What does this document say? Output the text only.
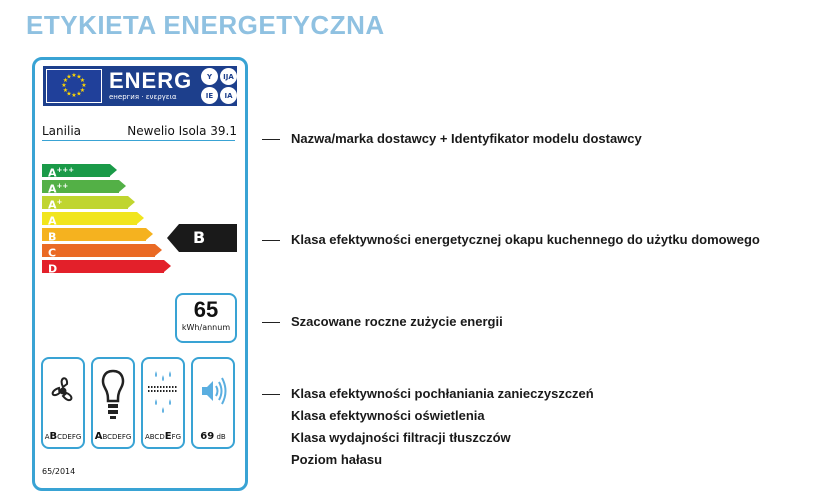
ETYKIETA ENERGETYCZNA
★ ★
★
★
★
★
★
★
★
★
★
★ ENERG
енергия · ενεργεια
Y	IJA
IE	IA
Lanilia	Newelio Isola 39.1
A+++
A++
A+
A
B
C
D
B
65
kWh/annum
ABCDEFG ABCDEFG ABCDEFG	69 dB
65/2014
Nazwa/marka dostawcy + Identyfikator modelu dostawcy
Klasa efektywności energetycznej okapu kuchennego do użytku domowego
Szacowane roczne zużycie energii
Klasa efektywności pochłaniania zanieczyszczeń
Klasa efektywności oświetlenia
Klasa wydajności filtracji tłuszczów
Poziom hałasu
